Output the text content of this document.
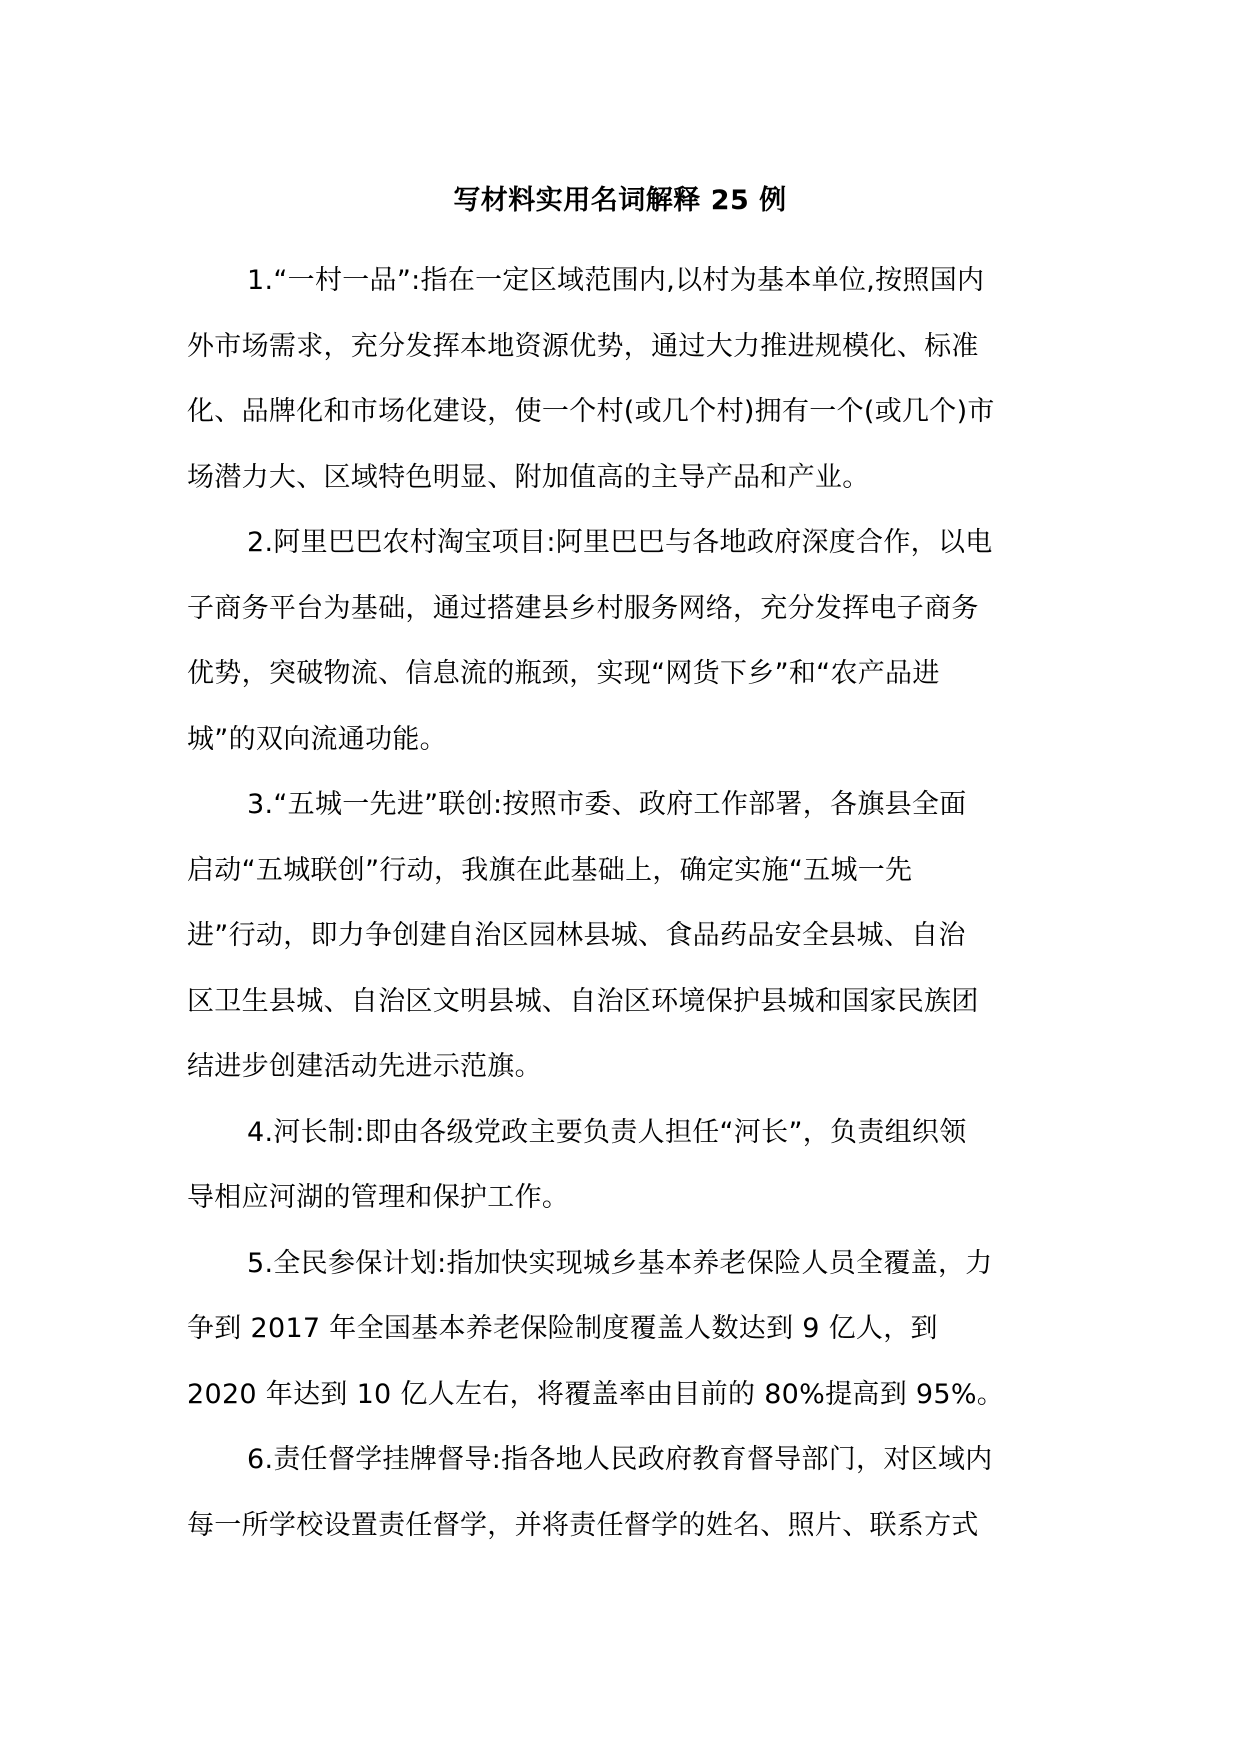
写材料实用名词解释 25 例

1.“一村一品”:指在一定区域范围内,以村为基本单位,按照国内
外市场需求，充分发挥本地资源优势，通过大力推进规模化、标准
化、品牌化和市场化建设，使一个村(或几个村)拥有一个(或几个)市
场潜力大、区域特色明显、附加值高的主导产品和产业。

2.阿里巴巴农村淘宝项目:阿里巴巴与各地政府深度合作，以电
子商务平台为基础，通过搭建县乡村服务网络，充分发挥电子商务
优势，突破物流、信息流的瓶颈，实现“网货下乡”和“农产品进
城”的双向流通功能。

3.“五城一先进”联创:按照市委、政府工作部署，各旗县全面
启动“五城联创”行动，我旗在此基础上，确定实施“五城一先
进”行动，即力争创建自治区园林县城、食品药品安全县城、自治
区卫生县城、自治区文明县城、自治区环境保护县城和国家民族团
结进步创建活动先进示范旗。

4.河长制:即由各级党政主要负责人担任“河长”，负责组织领
导相应河湖的管理和保护工作。

5.全民参保计划:指加快实现城乡基本养老保险人员全覆盖，力
争到 2017 年全国基本养老保险制度覆盖人数达到 9 亿人，到
2020 年达到 10 亿人左右，将覆盖率由目前的 80%提高到 95%。

6.责任督学挂牌督导:指各地人民政府教育督导部门，对区域内
每一所学校设置责任督学，并将责任督学的姓名、照片、联系方式
